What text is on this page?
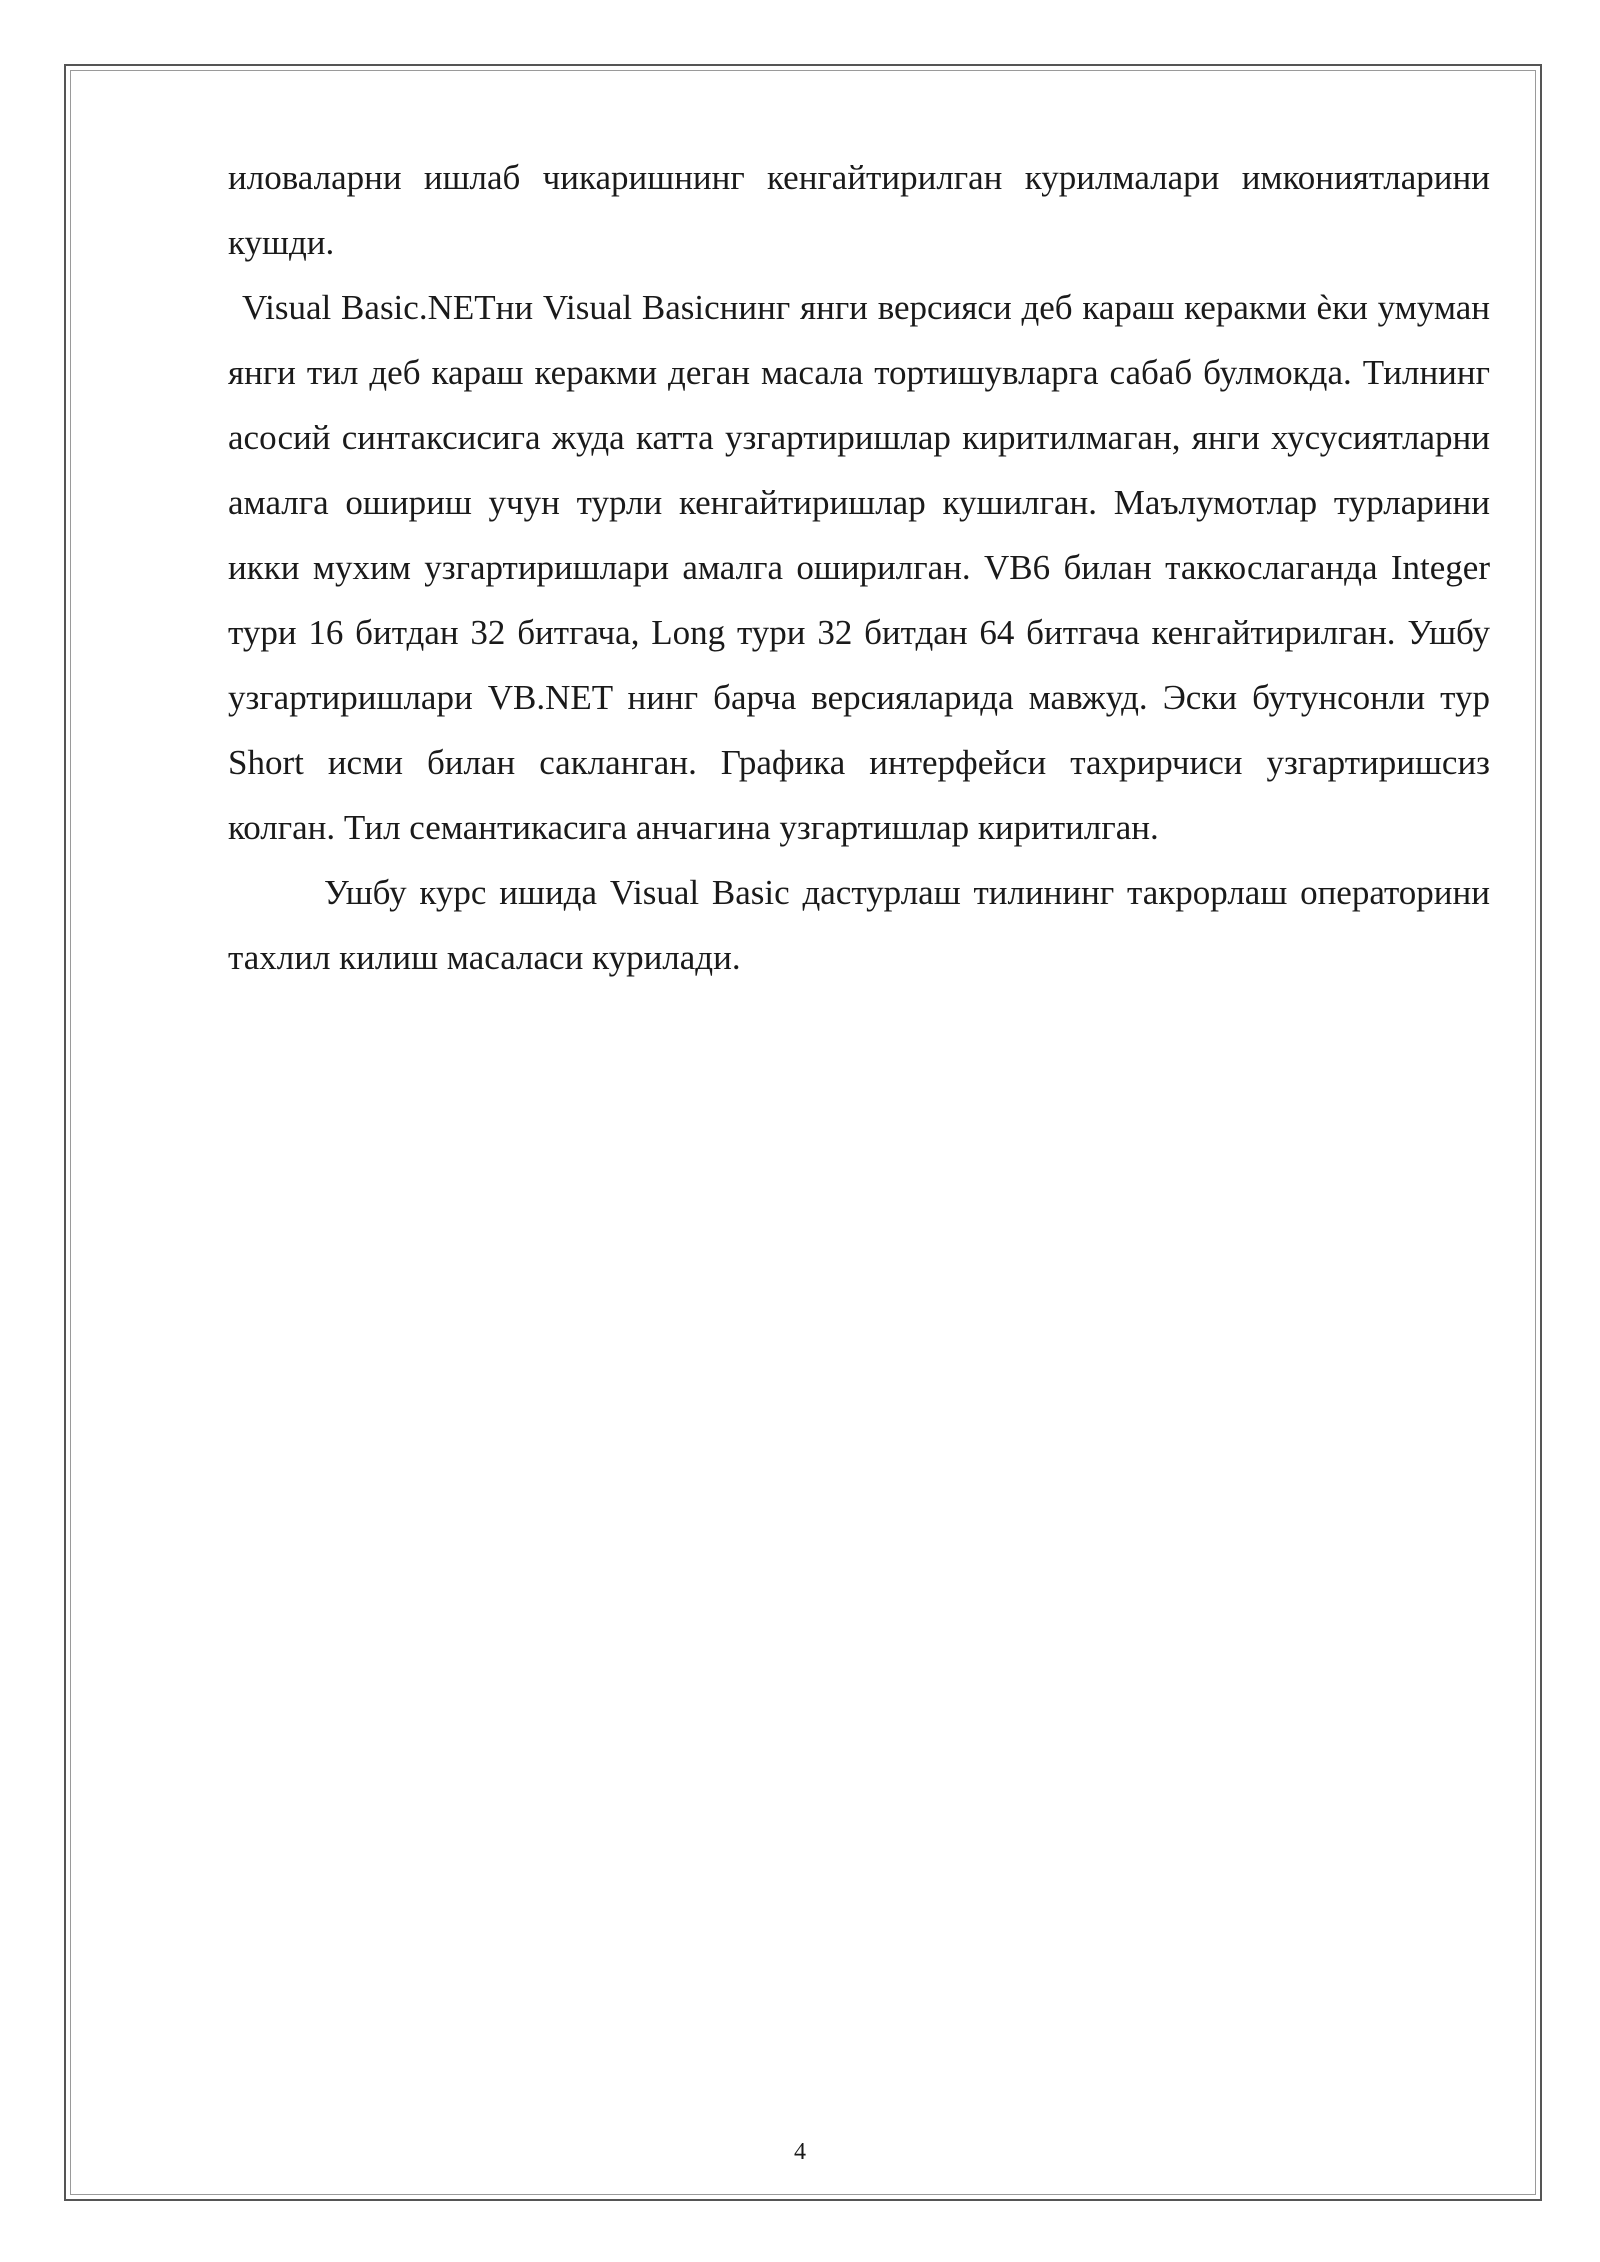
иловаларни ишлаб чикаришнинг кенгайтирилган курилмалари имкониятларини кушди.

Visual Basic.NETни Visual Basicнинг янги версияси деб караш керакми ѐки умуман янги тил деб караш керакми деган масала тортишувларга сабаб булмокда. Тилнинг асосий синтаксисига жуда катта узгартиришлар киритилмаган, янги хусусиятларни амалга ошириш учун турли кенгайтиришлар кушилган. Маълумотлар турларини икки мухим узгартиришлари амалга оширилган. VB6 билан таккослаганда Integer тури 16 битдан 32 битгача, Long тури 32 битдан 64 битгача кенгайтирилган. Ушбу узгартиришлари VB.NET нинг барча версияларида мавжуд. Эски бутунсонли тур Short исми билан сакланган. Графика интерфейси тахрирчиси узгартиришсиз колган. Тил семантикасига анчагина узгартишлар киритилган.

Ушбу курс ишида Visual Basic дастурлаш тилининг такрорлаш операторини тахлил килиш масаласи курилади.

4
